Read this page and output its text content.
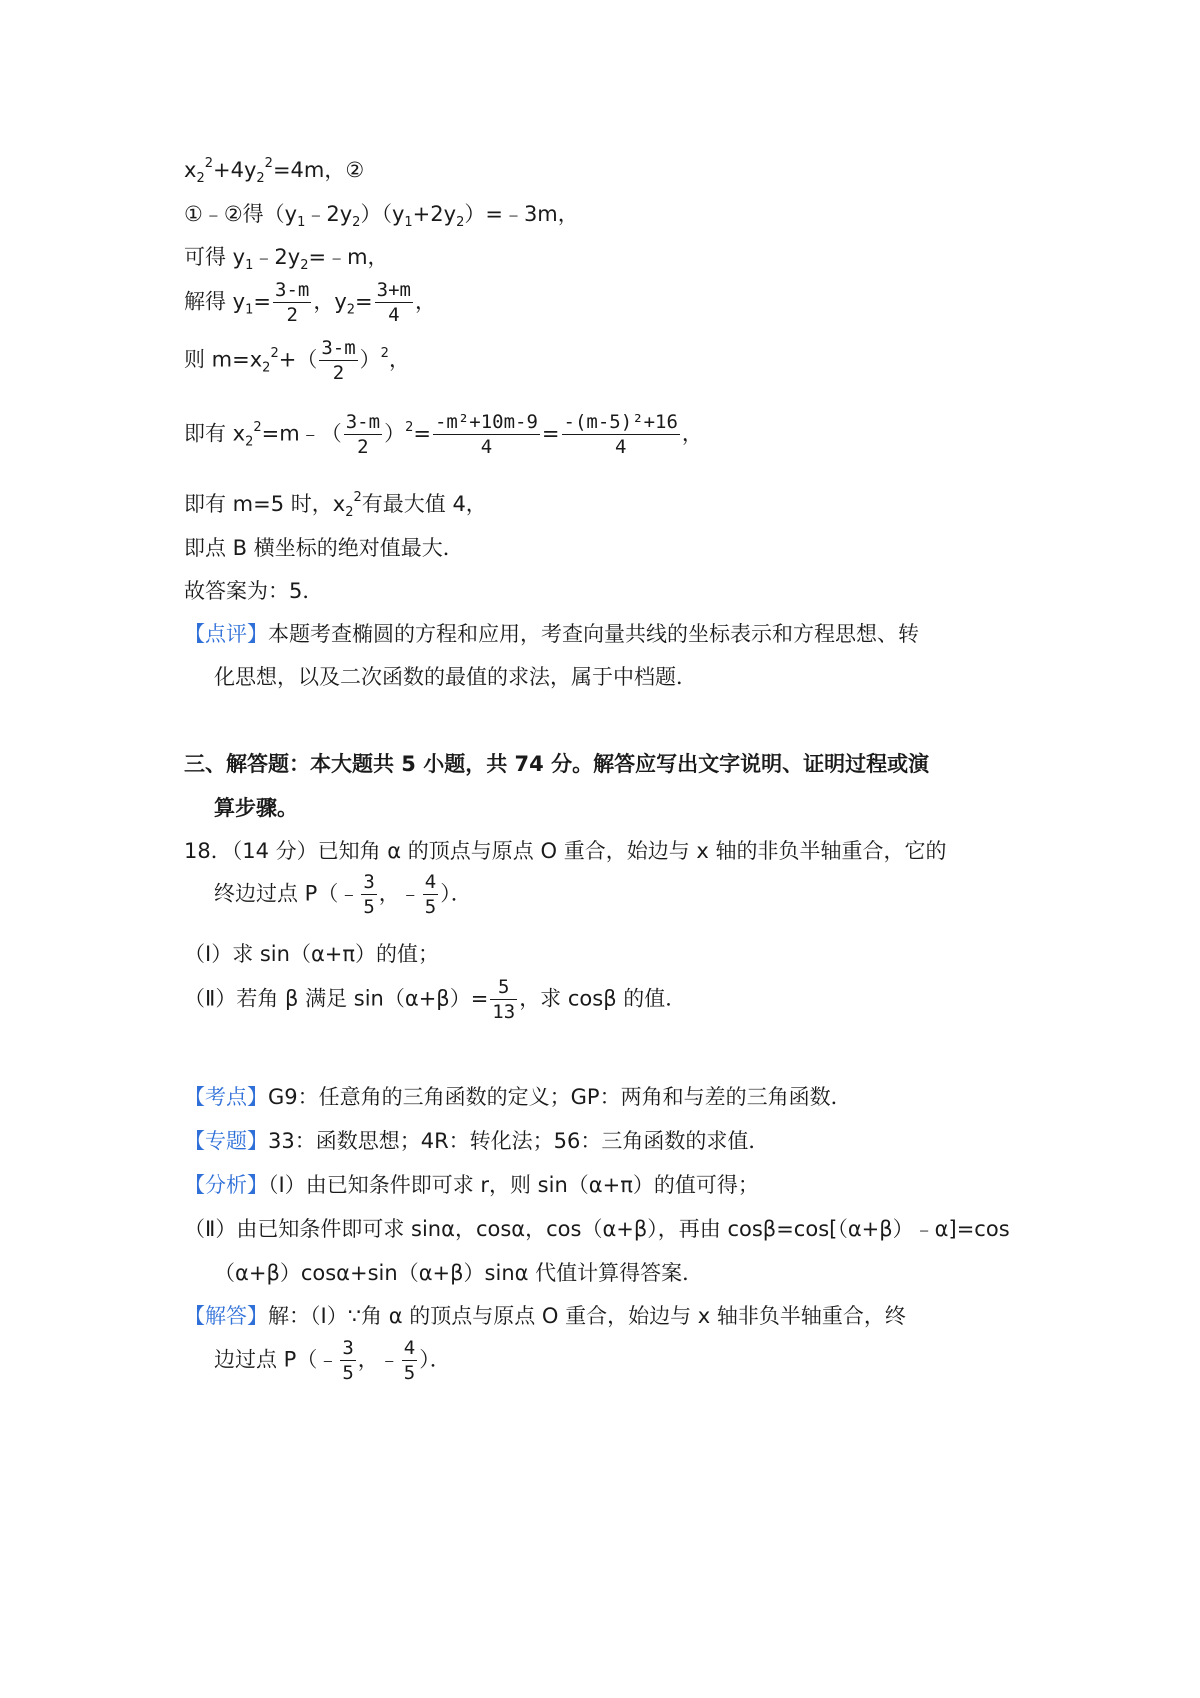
$x_2^2+4y_2^2=4m$，②
①﹣②得$(y_1﹣2y_2)(y_1+2y_2)=﹣3m$，
可得 $y_1﹣2y_2=﹣m$，
解得 $y_1= \frac{3-m}{2}$ ，$y_2= \frac{3+m}{4}$ ，
则 $m=x_2^2+( \frac{3-m}{2} )^2$，
即有 $x_2^2=m﹣( \frac{3-m}{2} )^2= \frac{\text{-m²+10m-9}}{4} = \frac{\text{-(m-5)²+16}}{4}$ ，
即有 m=5 时，$x_2^2$有最大值 4，
即点 B 横坐标的绝对值最大．
故答案为：5．
【点评】本题考查椭圆的方程和应用，考查向量共线的坐标表示和方程思想、转
化思想，以及二次函数的最值的求法，属于中档题．
三、解答题：本大题共 5 小题，共 74 分。解答应写出文字说明、证明过程或演
算步骤。
18．（14 分）已知角 α 的顶点与原点 O 重合，始边与 x 轴的非负半轴重合，它的
终边过点 P（﹣ $\frac{3}{5}$ ，﹣ $\frac{4}{5}$ ）．
（Ⅰ）求 sin（α+π）的值；
（Ⅱ）若角 β 满足 $\sin(\alpha+\beta)= \frac{5}{13}$ ，求 cosβ 的值．
【考点】G9：任意角的三角函数的定义；GP：两角和与差的三角函数．
【专题】33：函数思想；4R：转化法；56：三角函数的求值．
【分析】（Ⅰ）由已知条件即可求 r，则 sin（α+π）的值可得；
（Ⅱ）由已知条件即可求 sinα，cosα，cos（α+β），再由 cosβ=cos[（α+β）﹣α]=cos
（α+β）cosα+sin（α+β）sinα 代值计算得答案．
【解答】解：（Ⅰ）∵角 α 的顶点与原点 O 重合，始边与 x 轴非负半轴重合，终
边过点 P（﹣ $\frac{3}{5}$ ，﹣ $\frac{4}{5}$ ）．
